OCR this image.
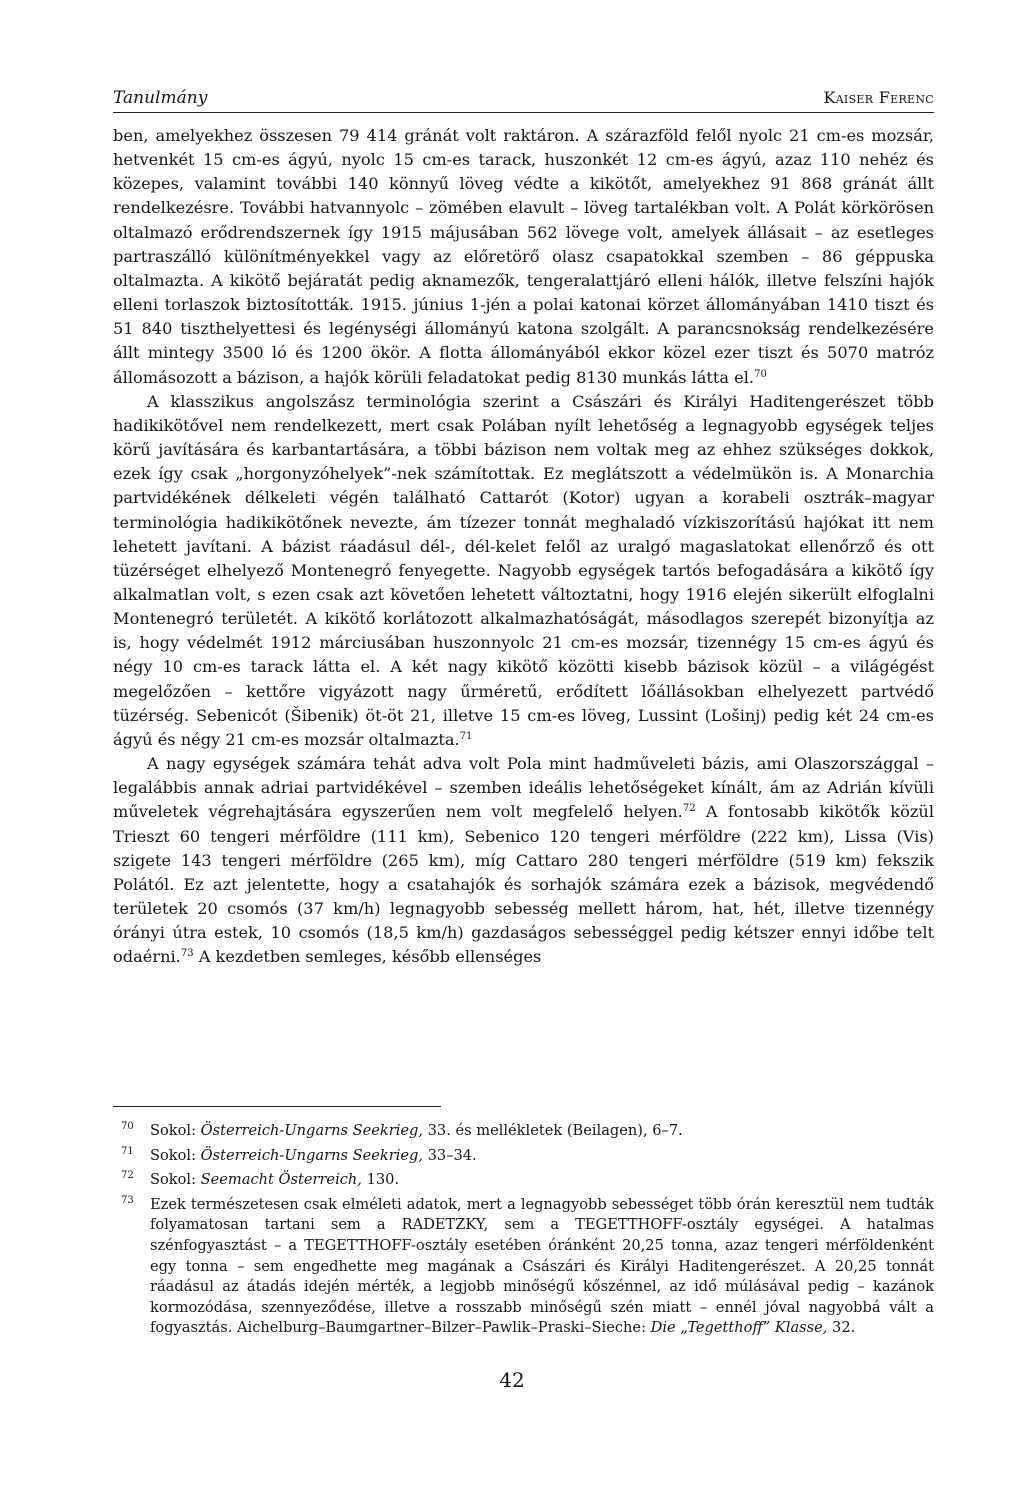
Tanulmány	Kaiser Ferenc

ben, amelyekhez összesen 79 414 gránát volt raktáron. A szárazföld felől nyolc 21 cm-es mozsár, hetvenkét 15 cm-es ágyú, nyolc 15 cm-es tarack, huszonkét 12 cm-es ágyú, azaz 110 nehéz és közepes, valamint további 140 könnyű löveg védte a kikötőt, amelyekhez 91 868 gránát állt rendelkezésre. További hatvannyolc – zömében elavult – löveg tartalékban volt. A Polát körkörösen oltalmazó erődrendszernek így 1915 májusában 562 lövege volt, amelyek állásait – az esetleges partraszálló különítményekkel vagy az előretörő olasz csapatokkal szemben – 86 géppuska oltalmazta. A kikötő bejáratát pedig aknamezők, tengeralattjáró elleni hálók, illetve felszíni hajók elleni torlaszok biztosították. 1915. június 1-jén a polai katonai körzet állományában 1410 tiszt és 51 840 tiszthelyettesi és legénységi állományú katona szolgált. A parancsnokság rendelkezésére állt mintegy 3500 ló és 1200 ökör. A flotta állományából ekkor közel ezer tiszt és 5070 matróz állomásozott a bázison, a hajók körüli feladatokat pedig 8130 munkás látta el.$^{70}$

A klasszikus angolszász terminológia szerint a Császári és Királyi Haditengerészet több hadikikötővel nem rendelkezett, mert csak Polában nyílt lehetőség a legnagyobb egységek teljes körű javítására és karbantartására, a többi bázison nem voltak meg az ehhez szükséges dokkok, ezek így csak „horgonyzóhelyek”-nek számítottak. Ez meglátszott a védelmükön is. A Monarchia partvidékének délkeleti végén található Cattarót (Kotor) ugyan a korabeli osztrák–magyar terminológia hadikikötőnek nevezte, ám tízezer tonnát meghaladó vízkiszorítású hajókat itt nem lehetett javítani. A bázist ráadásul dél-, dél-kelet felől az uralgó magaslatokat ellenőrző és ott tüzérséget elhelyező Montenegró fenyegette. Nagyobb egységek tartós befogadására a kikötő így alkalmatlan volt, s ezen csak azt követően lehetett változtatni, hogy 1916 elején sikerült elfoglalni Montenegró területét. A kikötő korlátozott alkalmazhatóságát, másodlagos szerepét bizonyítja az is, hogy védelmét 1912 márciusában huszonnyolc 21 cm-es mozsár, tizennégy 15 cm-es ágyú és négy 10 cm-es tarack látta el. A két nagy kikötő közötti kisebb bázisok közül – a világégést megelőzően – kettőre vigyázott nagy űrméretű, erődített lőállásokban elhelyezett partvédő tüzérség. Sebenicót (Šibenik) öt-öt 21, illetve 15 cm-es löveg, Lussint (Lošinj) pedig két 24 cm-es ágyú és négy 21 cm-es mozsár oltalmazta.$^{71}$

A nagy egységek számára tehát adva volt Pola mint hadműveleti bázis, ami Olaszországgal – legalábbis annak adriai partvidékével – szemben ideális lehetőségeket kínált, ám az Adrián kívüli műveletek végrehajtására egyszerűen nem volt megfelelő helyen.$^{72}$ A fontosabb kikötők közül Trieszt 60 tengeri mérföldre (111 km), Sebenico 120 tengeri mérföldre (222 km), Lissa (Vis) szigete 143 tengeri mérföldre (265 km), míg Cattaro 280 tengeri mérföldre (519 km) fekszik Polától. Ez azt jelentette, hogy a csatahajók és sorhajók számára ezek a bázisok, megvédendő területek 20 csomós (37 km/h) legnagyobb sebesség mellett három, hat, hét, illetve tizennégy órányi útra estek, 10 csomós (18,5 km/h) gazdaságos sebességgel pedig kétszer ennyi időbe telt odaérni.$^{73}$ A kezdetben semleges, később ellenséges

70 Sokol: Österreich-Ungarns Seekrieg, 33. és mellékletek (Beilagen), 6–7.
71 Sokol: Österreich-Ungarns Seekrieg, 33–34.
72 Sokol: Seemacht Österreich, 130.
73 Ezek természetesen csak elméleti adatok, mert a legnagyobb sebességet több órán keresztül nem tudták folyamatosan tartani sem a RADETZKY, sem a TEGETTHOFF-osztály egységei. A hatalmas szénfogyasztást – a TEGETTHOFF-osztály esetében óránként 20,25 tonna, azaz tengeri mérföldenként egy tonna – sem engedhette meg magának a Császári és Királyi Haditengerészet. A 20,25 tonnát ráadásul az átadás idején mérték, a legjobb minőségű kőszénnel, az idő múlásával pedig – kazánok kormozódása, szennyeződése, illetve a rosszabb minőségű szén miatt – ennél jóval nagyobbá vált a fogyasztás. Aichelburg–Baumgartner–Bilzer–Pawlik–Praski–Sieche: Die „Tegetthoff” Klasse, 32.
42
